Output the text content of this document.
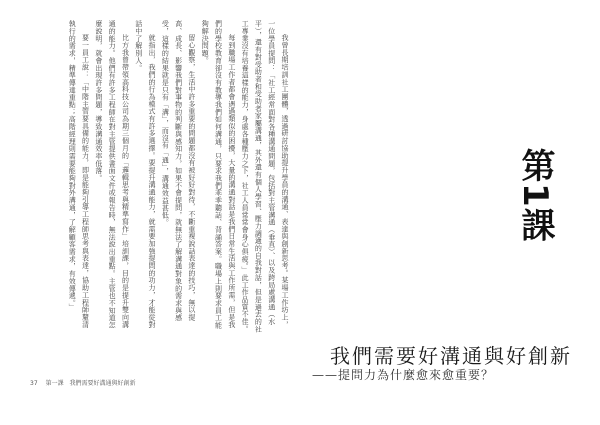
我曾長期培訓社工團體，透過研討協助提升學員的溝通、表達與創新思考。某場工作坊上，一位學員提問：「社工經常面對各種溝通問題，包括對主管溝通（垂直）、以及跨局處溝通（水平），還有對受助者和受助者家屬溝通，其外還有個人學習、壓力調適的自我對話，但是過去的社工專業沒有培養這樣的能力，身處各種壓力之下，社工人員常常會身心俱疲。」此工作品質不佳。

每到職場工作者都會遇過類似的困擾，大量的溝通對話是我們日常生活與工作所需，但是我們的學校教育卻沒有教導我們如何溝通，只要求我們乖乖聽話、背誦答案。職場上則要求員工能夠解決問題。

留心觀察，生活中許多重要的問題都沒有被好好對待，不斷重複說話表達的技巧，無以提高、成長、影響我們對事物的判斷與感知力，如果不會提問，就無法了解溝通對象的需求與感受，這樣的結果就是只有「溝」，而沒有「通」，溝通效益甚低。

就指出，我們的行為模式有許多選擇。要提升溝通能力，就需要加強提問的功力，才能從對話中了解別人。

比方我曾帶領高科技公司為期三個月的「邏輯思考與精準寫作」培訓課，目的是提升雙向溝通的能力。他們有許多工程師在對主管提供書面文件或報告時，無法說出重點。主管也不知道怎麼說明，就會出現許多問題，導致溝通效率低落。

要一員工說：「中階主管要具備的能力，即是能夠引導工程師思考與表達，協助工程師釐清執行的需求，精準傳達重點；高階經理則需要能夠對外溝通，了解顧客需求，有效傳遞。」	第1課
我們需要好溝通與好創新
——提問力為什麼愈來愈重要？
37 第一課 我們需要好溝通與好創新
